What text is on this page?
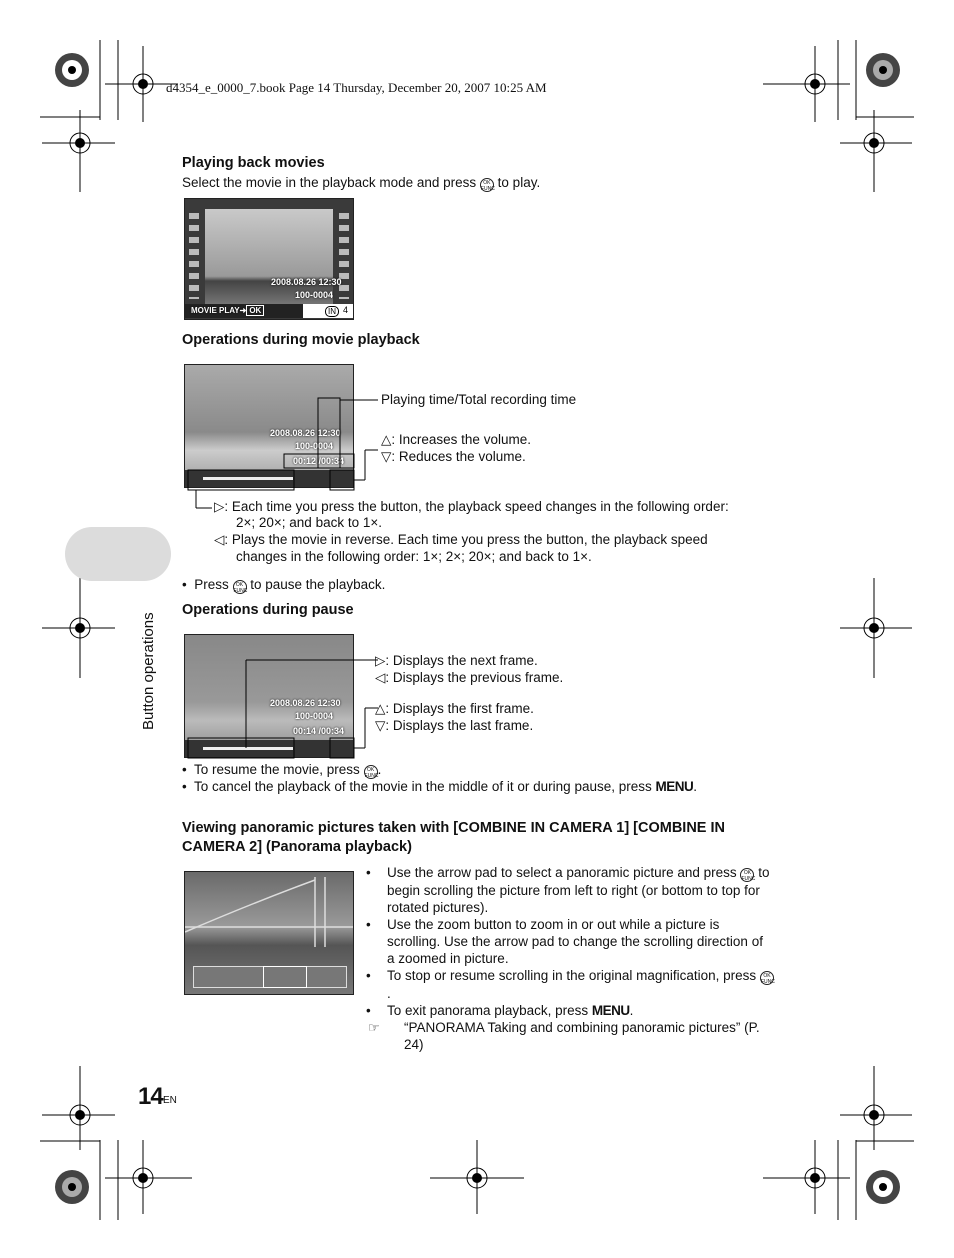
d4354_e_0000_7.book Page 14 Thursday, December 20, 2007 10:25 AM
Button operations
Playing back movies
Select the movie in the playback mode and press OK FUNC to play.
2008.08.26 12:30
100-0004
MOVIE PLAY➜ OK	IN 4
Operations during movie playback
2008.08.26 12:30
100-0004
00:12 /00:34
Playing time/Total recording time
△: Increases the volume.
▽: Reduces the volume.
▷: Each time you press the button, the playback speed changes in the following order:
2×; 20×; and back to 1×.
◁: Plays the movie in reverse. Each time you press the button, the playback speed
changes in the following order: 1×; 2×; 20×; and back to 1×.
•  Press OK FUNC to pause the playback.
Operations during pause
2008.08.26 12:30
100-0004
00:14 /00:34
▷: Displays the next frame.
◁: Displays the previous frame.
△: Displays the first frame.
▽: Displays the last frame.
•  To resume the movie, press OK FUNC.
•  To cancel the playback of the movie in the middle of it or during pause, press MENU.
Viewing panoramic pictures taken with [COMBINE IN CAMERA 1] [COMBINE IN
CAMERA 2] (Panorama playback)
• Use the arrow pad to select a panoramic picture and press OK FUNC to begin scrolling the picture from left to right (or bottom to top for rotated pictures).
• Use the zoom button to zoom in or out while a picture is scrolling. Use the arrow pad to change the scrolling direction of a zoomed in picture.
• To stop or resume scrolling in the original magnification, press OK FUNC.
• To exit panorama playback, press MENU.
☞ “PANORAMA Taking and combining panoramic pictures” (P. 24)
14 EN
